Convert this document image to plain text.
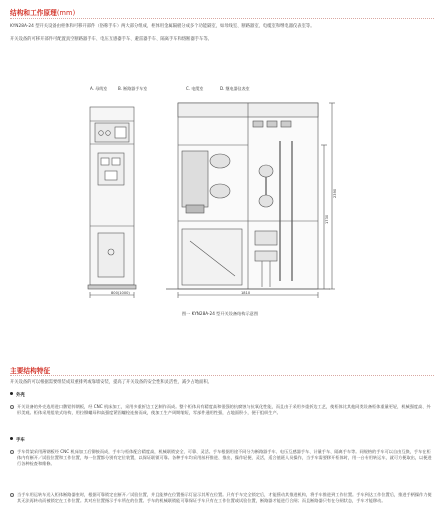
结构和工作原理(mm)
KYN28A-24 型开关设备由柜体和可移开部件（俗称手车）两大部分组成，柜体用金属隔板分成多个功能隔室，如母线室、断路器室、电缆室和继电器仪表室等。
开关设备的可移开部件可配置真空断路器手车、电压互感器手车、避雷器手车、隔离手车和熔断器手车等。
A. 母线室	B. 断路器手车室	C. 电缆室	D. 继电器仪表室
800(1000)	1810
2390
1730
图一 KYN28A-24 型开关设备结构示意图
主要结构特征
开关设备的可以根据需要组装成双重排列或靠墙安装，提高了开关设备的安全性和灵活性，减少占地面积。
外壳
开关设备的外壳选用进口敷铝锌钢板，经 CNC 机床加工，采用多重折边工艺制作而成。整个柜体具有精度高和很强的抗腐蚀与抗氧化性能，而且由于采用多重折边工艺，使柜体比其他同类设备柜体重量更轻，机械强度高、外形美观。柜体采用组装式结构，用拉铆螺母和高强度紧固螺栓连接而成，使加工生产周期缩短，零部件通用性强，占地面积小，便于组织生产。
手车
手车骨架采用薄钢板经 CNC 机床加工后铆接而成，手车与柜体配合精度高，机械联锁安全、可靠、灵活。手车根据用途不同分为断路器手车、电压互感器手车、计量手车、隔离手车等。同规格的手车可以自由互换，手车在柜体内有断开／试验位置和工作位置，每一位置都分别有定位装置，以保证联锁可靠。各种手车均采用丝杆推进、推出，操作轻便、灵活，适合值班人员操作，当手车需要移开柜体时，用一台专用转运车，就可方便取出，以便进行各种检查和维修。
当手车用运转车送入柜体断路器室时，根据可靠锁定在断开／试验位置，并且能够在位置指示灯显示其所在位置。只有手车完全锁定后，才能摇动其推进机构，将手车推进到工作位置。手车到达工作位置后，推进手柄操作力使其无法再转动而被锁定在工作位置。其对应位置指示手车所在的位置。手车的机械联锁能可靠保证手车只有在工作位置或试验位置，断路器才能进行合闸；而且断路器只有在分闸状态，手车才能移动。
